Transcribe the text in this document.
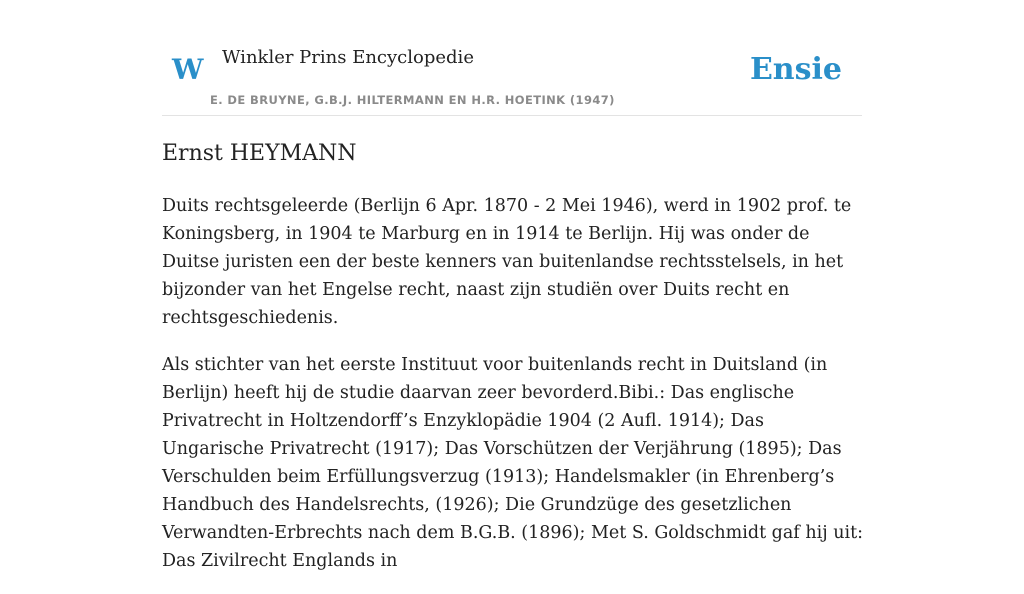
W Winkler Prins Encyclopedie
E. DE BRUYNE, G.B.J. HILTERMANN EN H.R. HOETINK (1947)
Ensie
Ernst HEYMANN

Duits rechtsgeleerde (Berlijn 6 Apr. 1870 - 2 Mei 1946), werd in 1902 prof. te Koningsberg, in 1904 te Marburg en in 1914 te Berlijn. Hij was onder de Duitse juristen een der beste kenners van buitenlandse rechtsstelsels, in het bijzonder van het Engelse recht, naast zijn studiën over Duits recht en rechtsgeschiedenis.

Als stichter van het eerste Instituut voor buitenlands recht in Duitsland (in Berlijn) heeft hij de studie daarvan zeer bevorderd.Bibi.: Das englische Privatrecht in Holtzendorff’s Enzyklopädie 1904 (2 Aufl. 1914); Das Ungarische Privatrecht (1917); Das Vorschützen der Verjährung (1895); Das Verschulden beim Erfüllungsverzug (1913); Handelsmakler (in Ehrenberg’s Handbuch des Handelsrechts, (1926); Die Grundzüge des gesetzlichen Verwandten-Erbrechts nach dem B.G.B. (1896); Met S. Goldschmidt gaf hij uit: Das Zivilrecht Englands in
